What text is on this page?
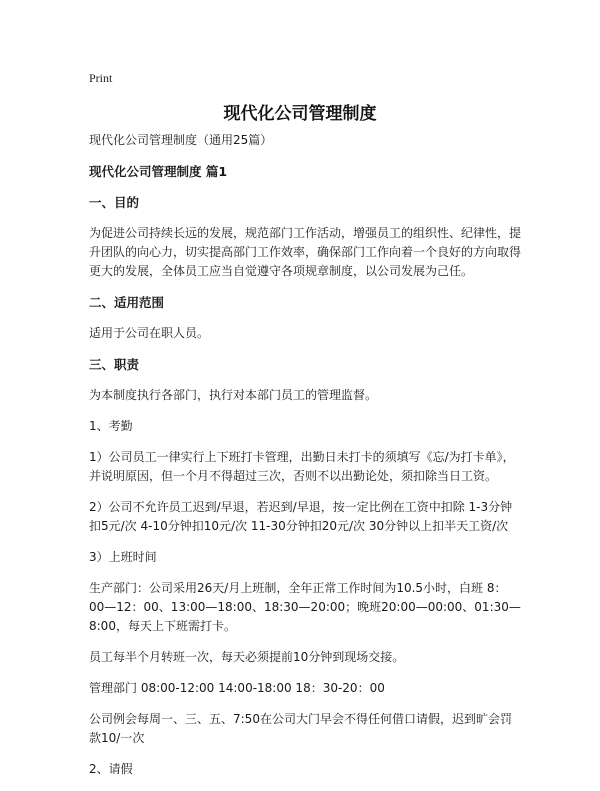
Print
现代化公司管理制度

现代化公司管理制度（通用25篇）

现代化公司管理制度 篇1

一、目的

为促进公司持续长远的发展，规范部门工作活动，增强员工的组织性、纪律性，提升团队的向心力，切实提高部门工作效率，确保部门工作向着一个良好的方向取得更大的发展，全体员工应当自觉遵守各项规章制度，以公司发展为己任。

二、适用范围

适用于公司在职人员。

三、职责

为本制度执行各部门，执行对本部门员工的管理监督。

1、考勤

1）公司员工一律实行上下班打卡管理，出勤日未打卡的须填写《忘/为打卡单》，并说明原因，但一个月不得超过三次，否则不以出勤论处，须扣除当日工资。

2）公司不允许员工迟到/早退，若迟到/早退，按一定比例在工资中扣除 1-3分钟扣5元/次 4-10分钟扣10元/次 11-30分钟扣20元/次 30分钟以上扣半天工资/次

3）上班时间

生产部门：公司采用26天/月上班制，全年正常工作时间为10.5小时，白班 8：00—12：00、13:00—18:00、18:30—20:00；晚班20:00—00:00、01:30—8:00，每天上下班需打卡。

员工每半个月转班一次，每天必须提前10分钟到现场交接。

管理部门 08:00-12:00 14:00-18:00 18：30-20：00

公司例会每周一、三、五、7:50在公司大门早会不得任何借口请假，迟到旷会罚款10/一次

2、请假
